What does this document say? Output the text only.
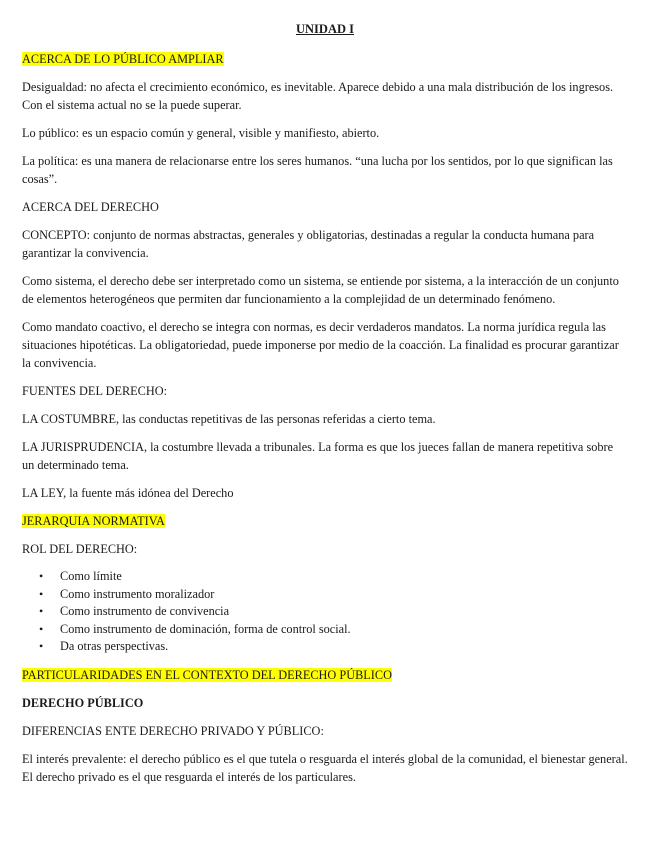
UNIDAD I

ACERCA DE LO PÚBLICO AMPLIAR

Desigualdad: no afecta el crecimiento económico, es inevitable. Aparece debido a una mala distribución de los ingresos. Con el sistema actual no se la puede superar.

Lo público: es un espacio común y general, visible y manifiesto, abierto.

La política: es una manera de relacionarse entre los seres humanos. “una lucha por los sentidos, por lo que significan las cosas”.

ACERCA DEL DERECHO

CONCEPTO: conjunto de normas abstractas, generales y obligatorias, destinadas a regular la conducta humana para garantizar la convivencia.

Como sistema, el derecho debe ser interpretado como un sistema, se entiende por sistema, a la interacción de un conjunto de elementos heterogéneos que permiten dar funcionamiento a la complejidad de un determinado fenómeno.

Como mandato coactivo, el derecho se integra con normas, es decir verdaderos mandatos. La norma jurídica regula las situaciones hipotéticas. La obligatoriedad, puede imponerse por medio de la coacción. La finalidad es procurar garantizar la convivencia.

FUENTES DEL DERECHO:

LA COSTUMBRE, las conductas repetitivas de las personas referidas a cierto tema.

LA JURISPRUDENCIA, la costumbre llevada a tribunales. La forma es que los jueces fallan de manera repetitiva sobre un determinado tema.

LA LEY, la fuente más idónea del Derecho

JERARQUIA NORMATIVA

ROL DEL DERECHO:

• Como límite
• Como instrumento moralizador
• Como instrumento de convivencia
• Como instrumento de dominación, forma de control social.
• Da otras perspectivas.

PARTICULARIDADES EN EL CONTEXTO DEL DERECHO PÚBLICO

DERECHO PÚBLICO

DIFERENCIAS ENTE DERECHO PRIVADO Y PÚBLICO:

El interés prevalente: el derecho público es el que tutela o resguarda el interés global de la comunidad, el bienestar general. El derecho privado es el que resguarda el interés de los particulares.
